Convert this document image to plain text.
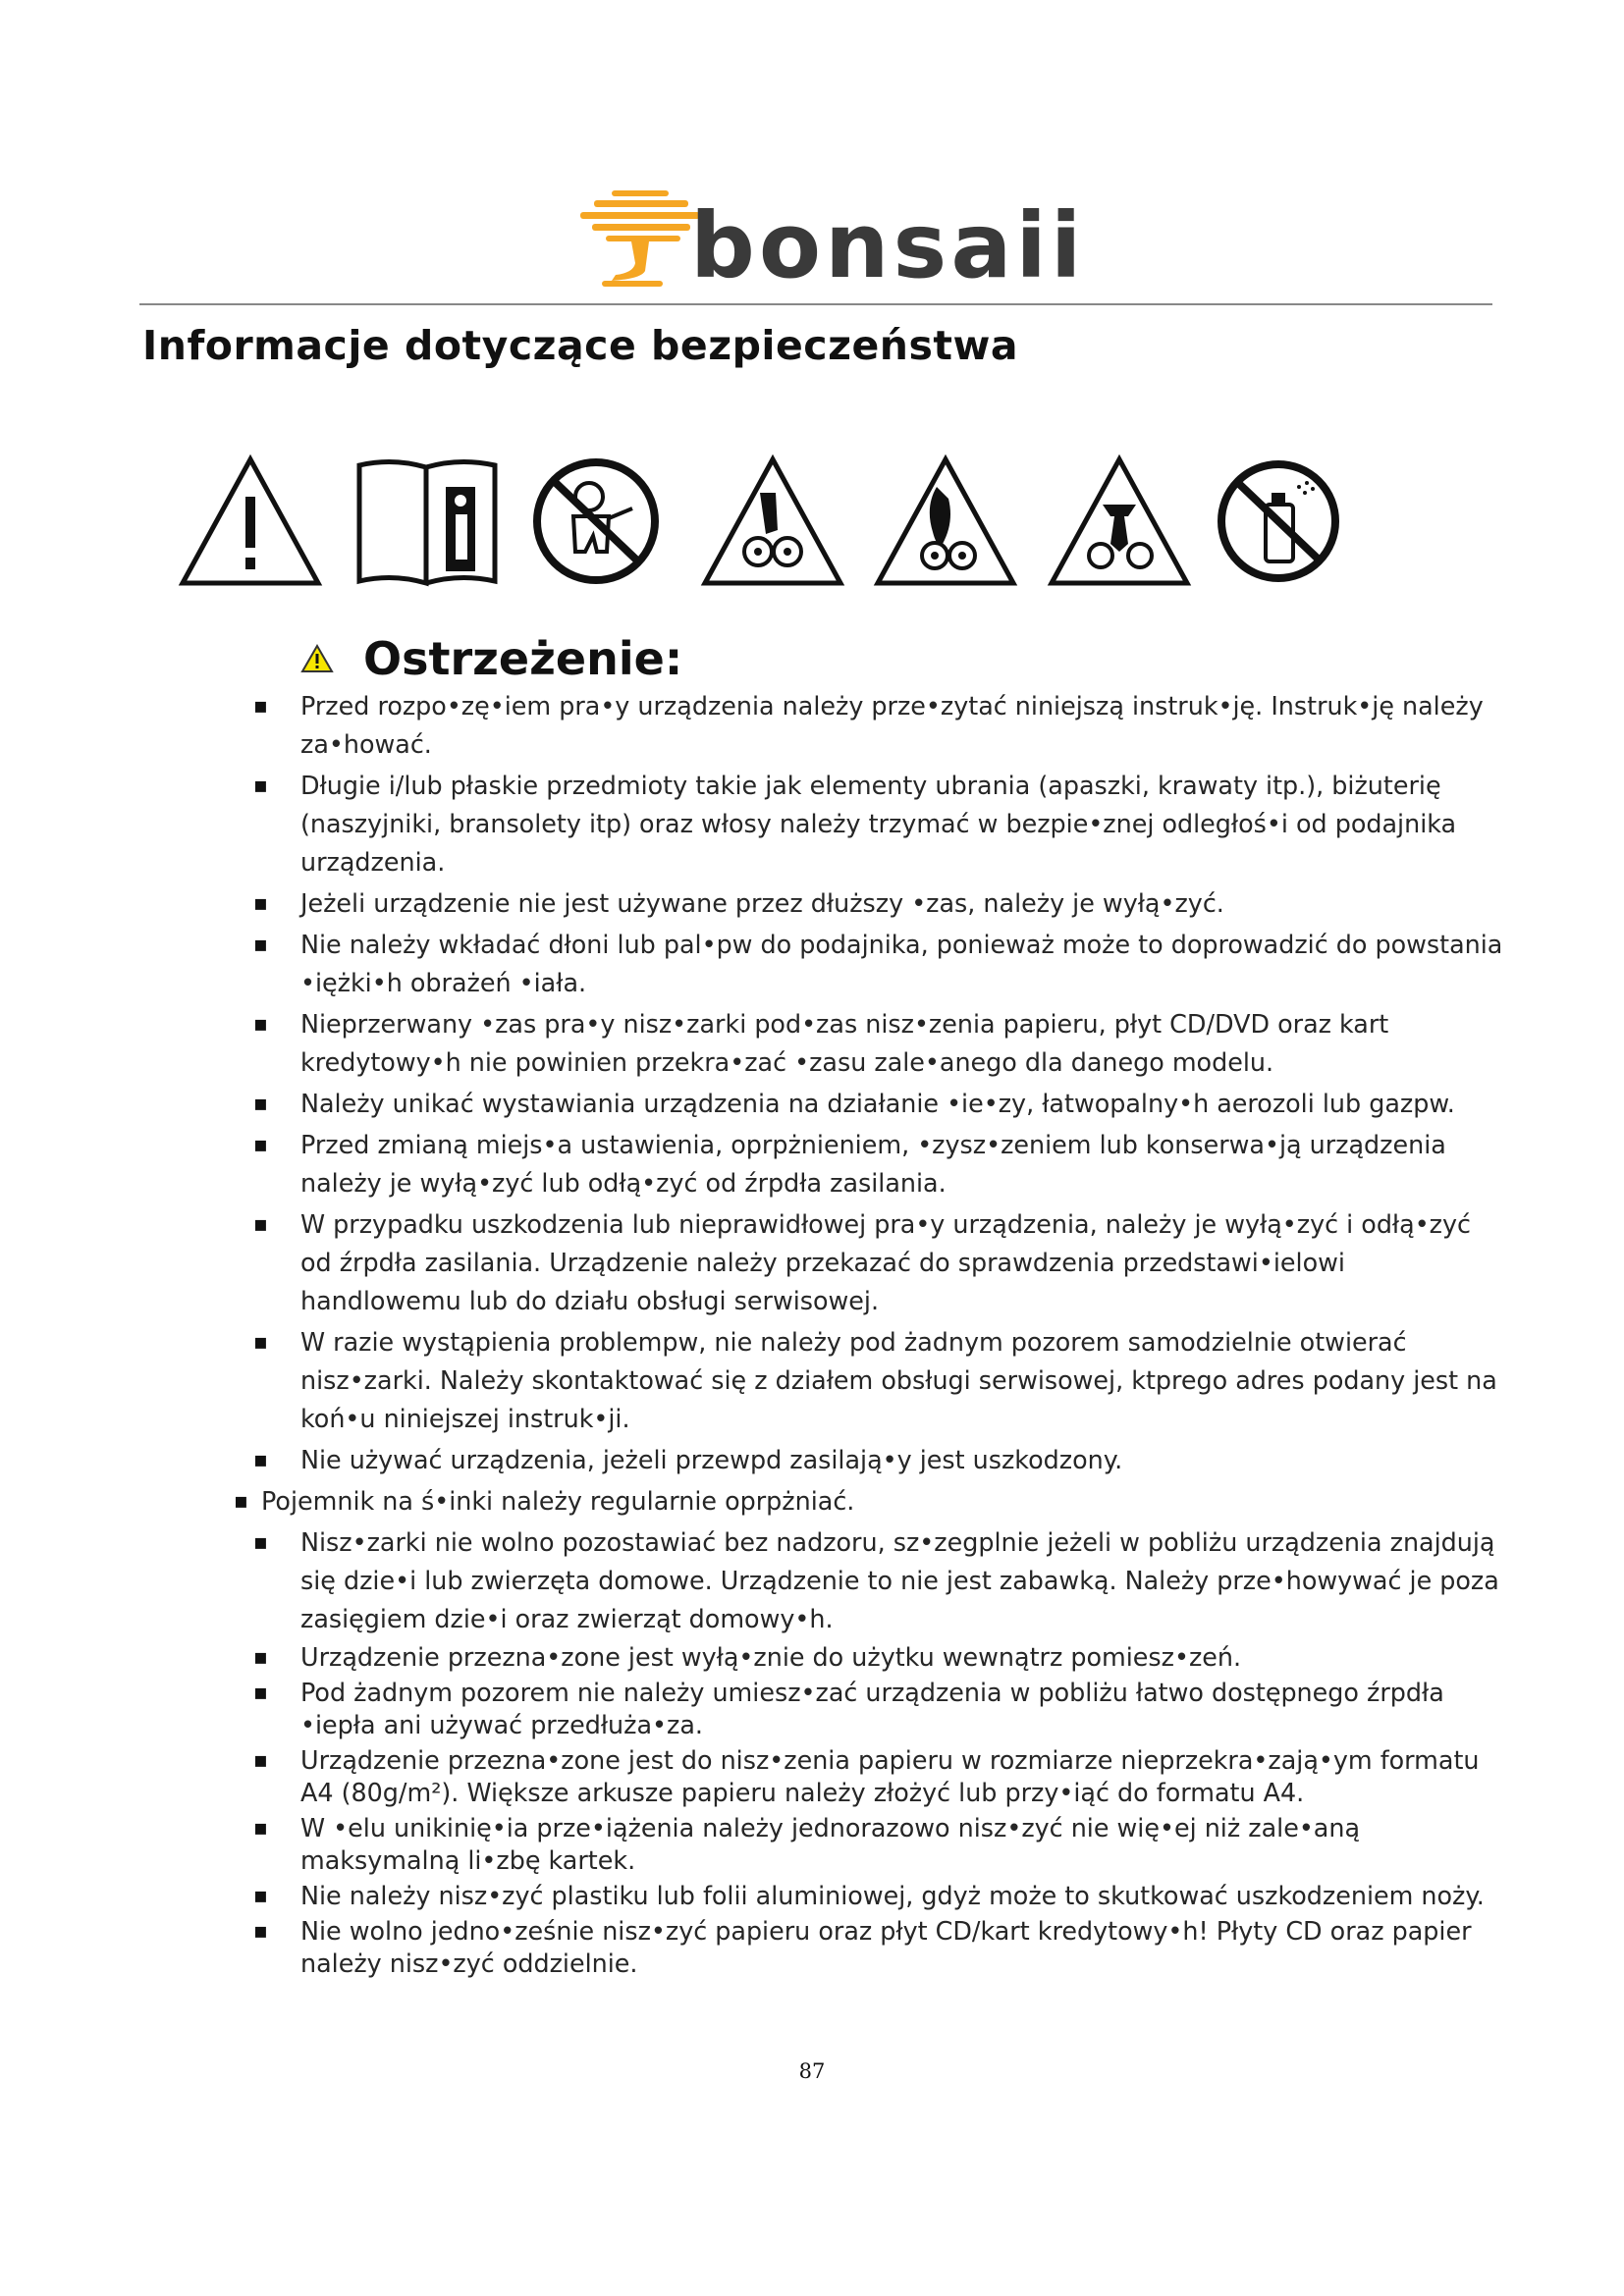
bonsaii
Informacje dotyczące bezpieczeństwa
Ostrzeżenie:
▪ Przed rozpo•zę•iem pra•y urządzenia należy prze•zytać niniejszą instruk•ję. Instruk•ję należy za•hować.
▪ Długie i/lub płaskie przedmioty takie jak elementy ubrania (apaszki, krawaty itp.), biżuterię (naszyjniki, bransolety itp) oraz włosy należy trzymać w bezpie•znej odległoś•i od podajnika urządzenia.
▪ Jeżeli urządzenie nie jest używane przez dłuższy •zas, należy je wyłą•zyć.
▪ Nie należy wkładać dłoni lub pal•pw do podajnika, ponieważ może to doprowadzić do powstania •iężki•h obrażeń •iała.
▪ Nieprzerwany •zas pra•y nisz•zarki pod•zas nisz•zenia papieru, płyt CD/DVD oraz kart kredytowy•h nie powinien przekra•zać •zasu zale•anego dla danego modelu.
▪ Należy unikać wystawiania urządzenia na działanie •ie•zy, łatwopalny•h aerozoli lub gazpw.
▪ Przed zmianą miejs•a ustawienia, oprpżnieniem, •zysz•zeniem lub konserwa•ją urządzenia należy je wyłą•zyć lub odłą•zyć od źrpdła zasilania.
▪ W przypadku uszkodzenia lub nieprawidłowej pra•y urządzenia, należy je wyłą•zyć i odłą•zyć od źrpdła zasilania. Urządzenie należy przekazać do sprawdzenia przedstawi•ielowi handlowemu lub do działu obsługi serwisowej.
▪ W razie wystąpienia problempw, nie należy pod żadnym pozorem samodzielnie otwierać nisz•zarki. Należy skontaktować się z działem obsługi serwisowej, ktprego adres podany jest na koń•u niniejszej instruk•ji.
▪ Nie używać urządzenia, jeżeli przewpd zasilają•y jest uszkodzony.
▪ Pojemnik na ś•inki należy regularnie oprpżniać.
▪ Nisz•zarki nie wolno pozostawiać bez nadzoru, sz•zegplnie jeżeli w pobliżu urządzenia znajdują się dzie•i lub zwierzęta domowe. Urządzenie to nie jest zabawką. Należy prze•howywać je poza zasięgiem dzie•i oraz zwierząt domowy•h.
▪ Urządzenie przezna•zone jest wyłą•znie do użytku wewnątrz pomiesz•zeń.
▪ Pod żadnym pozorem nie należy umiesz•zać urządzenia w pobliżu łatwo dostępnego źrpdła •iepła ani używać przedłuża•za.
▪ Urządzenie przezna•zone jest do nisz•zenia papieru w rozmiarze nieprzekra•zają•ym formatu A4 (80g/m²). Większe arkusze papieru należy złożyć lub przy•iąć do formatu A4.
▪ W •elu unikinię•ia prze•iążenia należy jednorazowo nisz•zyć nie wię•ej niż zale•aną maksymalną li•zbę kartek.
▪ Nie należy nisz•zyć plastiku lub folii aluminiowej, gdyż może to skutkować uszkodzeniem noży.
▪ Nie wolno jedno•ześnie nisz•zyć papieru oraz płyt CD/kart kredytowy•h! Płyty CD oraz papier należy nisz•zyć oddzielnie.
87
